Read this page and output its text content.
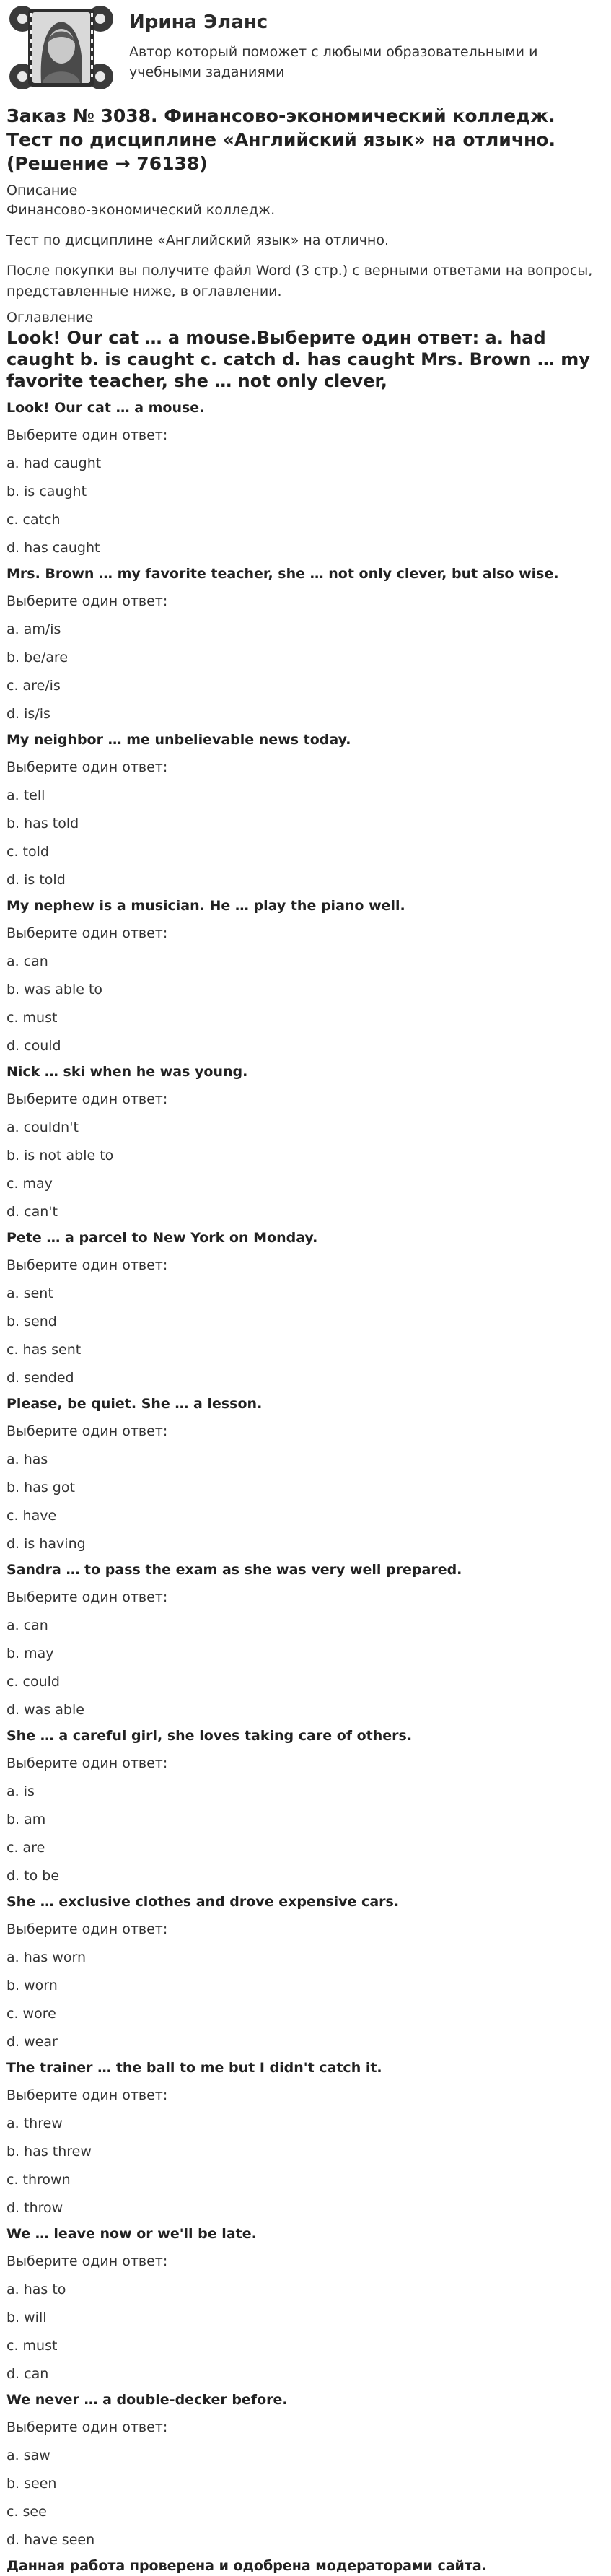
Ирина Эланс
Автор который поможет с любыми образовательными и учебными заданиями
Заказ № 3038. Финансово-экономический колледж. Тест по дисциплине «Английский язык» на отлично. (Решение → 76138)
Описание
Финансово-экономический колледж.
Тест по дисциплине «Английский язык» на отлично.
После покупки вы получите файл Word (3 стр.) с верными ответами на вопросы, представленные ниже, в оглавлении.
Оглавление
Look! Our cat … a mouse.Выберите один ответ: a. had caught b. is caught c. catch d. has caught Mrs. Brown … my favorite teacher, she … not only clever,
Look! Our cat … a mouse.
Выберите один ответ:
a. had caught
b. is caught
c. catch
d. has caught
Mrs. Brown … my favorite teacher, she … not only clever, but also wise.
Выберите один ответ:
a. am/is
b. be/are
c. are/is
d. is/is
My neighbor … me unbelievable news today.
Выберите один ответ:
a. tell
b. has told
c. told
d. is told
My nephew is a musician. He … play the piano well.
Выберите один ответ:
a. can
b. was able to
c. must
d. could
Nick … ski when he was young.
Выберите один ответ:
a. couldn't
b. is not able to
c. may
d. can't
Pete … a parcel to New York on Monday.
Выберите один ответ:
a. sent
b. send
c. has sent
d. sended
Please, be quiet. She … a lesson.
Выберите один ответ:
a. has
b. has got
c. have
d. is having
Sandra … to pass the exam as she was very well prepared.
Выберите один ответ:
a. can
b. may
c. could
d. was able
She … a careful girl, she loves taking care of others.
Выберите один ответ:
a. is
b. am
c. are
d. to be
She … exclusive clothes and drove expensive cars.
Выберите один ответ:
a. has worn
b. worn
c. wore
d. wear
The trainer … the ball to me but I didn't catch it.
Выберите один ответ:
a. threw
b. has threw
c. thrown
d. throw
We … leave now or we'll be late.
Выберите один ответ:
a. has to
b. will
c. must
d. can
We never … a double-decker before.
Выберите один ответ:
a. saw
b. seen
c. see
d. have seen
Данная работа проверена и одобрена модераторами сайта.
